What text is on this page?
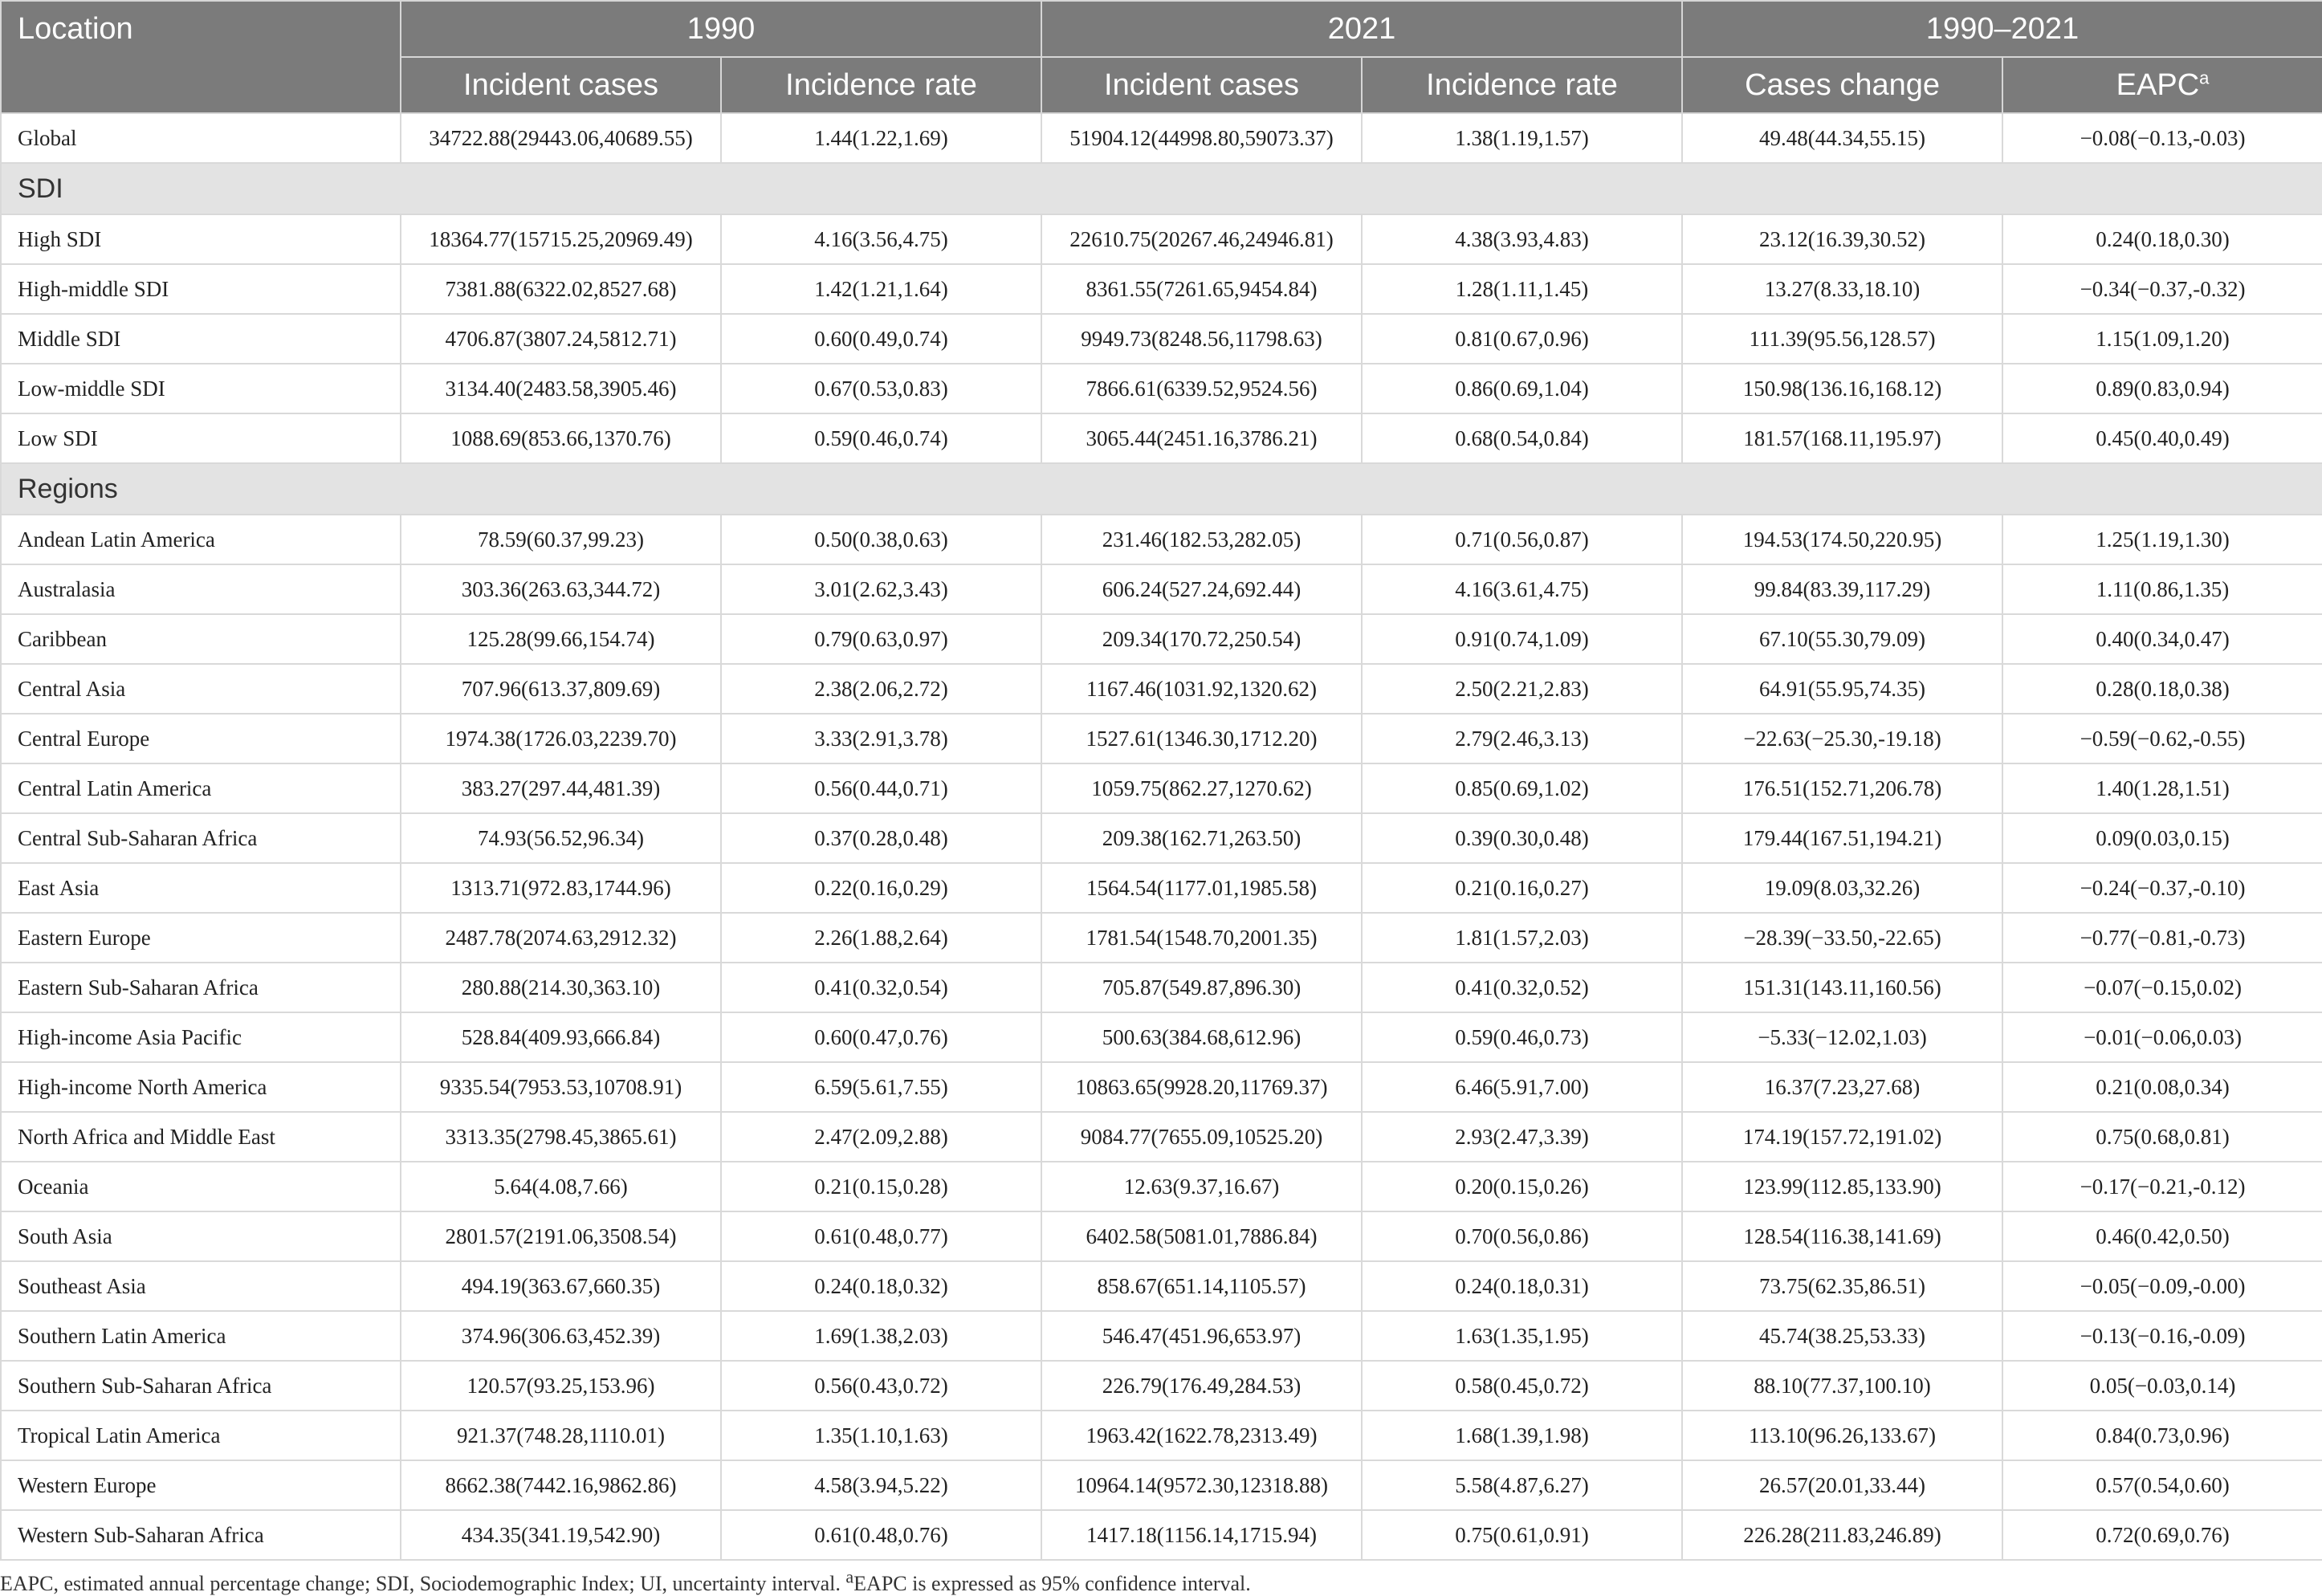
Location	1990		2021		1990–2021	
	Incident cases	Incidence rate	Incident cases	Incidence rate	Cases change	EAPC$^a$
Global	34722.88(29443.06,40689.55)	1.44(1.22,1.69)	51904.12(44998.80,59073.37)	1.38(1.19,1.57)	49.48(44.34,55.15)	−0.08(−0.13,-0.03)
SDI						
High SDI	18364.77(15715.25,20969.49)	4.16(3.56,4.75)	22610.75(20267.46,24946.81)	4.38(3.93,4.83)	23.12(16.39,30.52)	0.24(0.18,0.30)
High-middle SDI	7381.88(6322.02,8527.68)	1.42(1.21,1.64)	8361.55(7261.65,9454.84)	1.28(1.11,1.45)	13.27(8.33,18.10)	−0.34(−0.37,-0.32)
Middle SDI	4706.87(3807.24,5812.71)	0.60(0.49,0.74)	9949.73(8248.56,11798.63)	0.81(0.67,0.96)	111.39(95.56,128.57)	1.15(1.09,1.20)
Low-middle SDI	3134.40(2483.58,3905.46)	0.67(0.53,0.83)	7866.61(6339.52,9524.56)	0.86(0.69,1.04)	150.98(136.16,168.12)	0.89(0.83,0.94)
Low SDI	1088.69(853.66,1370.76)	0.59(0.46,0.74)	3065.44(2451.16,3786.21)	0.68(0.54,0.84)	181.57(168.11,195.97)	0.45(0.40,0.49)
Regions						
Andean Latin America	78.59(60.37,99.23)	0.50(0.38,0.63)	231.46(182.53,282.05)	0.71(0.56,0.87)	194.53(174.50,220.95)	1.25(1.19,1.30)
Australasia	303.36(263.63,344.72)	3.01(2.62,3.43)	606.24(527.24,692.44)	4.16(3.61,4.75)	99.84(83.39,117.29)	1.11(0.86,1.35)
Caribbean	125.28(99.66,154.74)	0.79(0.63,0.97)	209.34(170.72,250.54)	0.91(0.74,1.09)	67.10(55.30,79.09)	0.40(0.34,0.47)
Central Asia	707.96(613.37,809.69)	2.38(2.06,2.72)	1167.46(1031.92,1320.62)	2.50(2.21,2.83)	64.91(55.95,74.35)	0.28(0.18,0.38)
Central Europe	1974.38(1726.03,2239.70)	3.33(2.91,3.78)	1527.61(1346.30,1712.20)	2.79(2.46,3.13)	−22.63(−25.30,-19.18)	−0.59(−0.62,-0.55)
Central Latin America	383.27(297.44,481.39)	0.56(0.44,0.71)	1059.75(862.27,1270.62)	0.85(0.69,1.02)	176.51(152.71,206.78)	1.40(1.28,1.51)
Central Sub-Saharan Africa	74.93(56.52,96.34)	0.37(0.28,0.48)	209.38(162.71,263.50)	0.39(0.30,0.48)	179.44(167.51,194.21)	0.09(0.03,0.15)
East Asia	1313.71(972.83,1744.96)	0.22(0.16,0.29)	1564.54(1177.01,1985.58)	0.21(0.16,0.27)	19.09(8.03,32.26)	−0.24(−0.37,-0.10)
Eastern Europe	2487.78(2074.63,2912.32)	2.26(1.88,2.64)	1781.54(1548.70,2001.35)	1.81(1.57,2.03)	−28.39(−33.50,-22.65)	−0.77(−0.81,-0.73)
Eastern Sub-Saharan Africa	280.88(214.30,363.10)	0.41(0.32,0.54)	705.87(549.87,896.30)	0.41(0.32,0.52)	151.31(143.11,160.56)	−0.07(−0.15,0.02)
High-income Asia Pacific	528.84(409.93,666.84)	0.60(0.47,0.76)	500.63(384.68,612.96)	0.59(0.46,0.73)	−5.33(−12.02,1.03)	−0.01(−0.06,0.03)
High-income North America	9335.54(7953.53,10708.91)	6.59(5.61,7.55)	10863.65(9928.20,11769.37)	6.46(5.91,7.00)	16.37(7.23,27.68)	0.21(0.08,0.34)
North Africa and Middle East	3313.35(2798.45,3865.61)	2.47(2.09,2.88)	9084.77(7655.09,10525.20)	2.93(2.47,3.39)	174.19(157.72,191.02)	0.75(0.68,0.81)
Oceania	5.64(4.08,7.66)	0.21(0.15,0.28)	12.63(9.37,16.67)	0.20(0.15,0.26)	123.99(112.85,133.90)	−0.17(−0.21,-0.12)
South Asia	2801.57(2191.06,3508.54)	0.61(0.48,0.77)	6402.58(5081.01,7886.84)	0.70(0.56,0.86)	128.54(116.38,141.69)	0.46(0.42,0.50)
Southeast Asia	494.19(363.67,660.35)	0.24(0.18,0.32)	858.67(651.14,1105.57)	0.24(0.18,0.31)	73.75(62.35,86.51)	−0.05(−0.09,-0.00)
Southern Latin America	374.96(306.63,452.39)	1.69(1.38,2.03)	546.47(451.96,653.97)	1.63(1.35,1.95)	45.74(38.25,53.33)	−0.13(−0.16,-0.09)
Southern Sub-Saharan Africa	120.57(93.25,153.96)	0.56(0.43,0.72)	226.79(176.49,284.53)	0.58(0.45,0.72)	88.10(77.37,100.10)	0.05(−0.03,0.14)
Tropical Latin America	921.37(748.28,1110.01)	1.35(1.10,1.63)	1963.42(1622.78,2313.49)	1.68(1.39,1.98)	113.10(96.26,133.67)	0.84(0.73,0.96)
Western Europe	8662.38(7442.16,9862.86)	4.58(3.94,5.22)	10964.14(9572.30,12318.88)	5.58(4.87,6.27)	26.57(20.01,33.44)	0.57(0.54,0.60)
Western Sub-Saharan Africa	434.35(341.19,542.90)	0.61(0.48,0.76)	1417.18(1156.14,1715.94)	0.75(0.61,0.91)	226.28(211.83,246.89)	0.72(0.69,0.76)

EAPC, estimated annual percentage change; SDI, Sociodemographic Index; UI, uncertainty interval. $^a$EAPC is expressed as 95% confidence interval.
